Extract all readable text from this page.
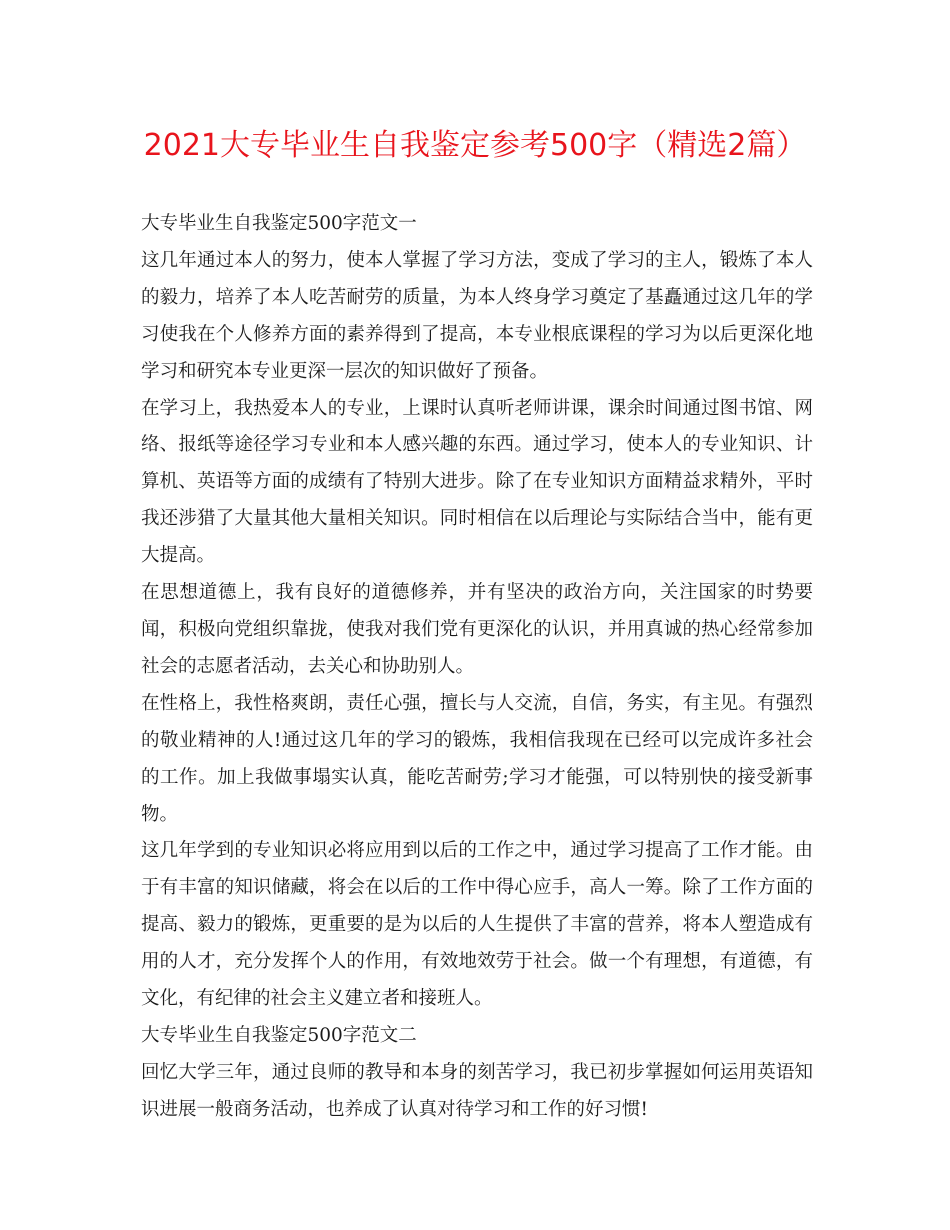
2021大专毕业生自我鉴定参考500字（精选2篇）

大专毕业生自我鉴定500字范文一

这几年通过本人的努力，使本人掌握了学习方法，变成了学习的主人，锻炼了本人的毅力，培养了本人吃苦耐劳的质量，为本人终身学习奠定了基矗通过这几年的学习使我在个人修养方面的素养得到了提高，本专业根底课程的学习为以后更深化地学习和研究本专业更深一层次的知识做好了预备。

在学习上，我热爱本人的专业，上课时认真听老师讲课，课余时间通过图书馆、网络、报纸等途径学习专业和本人感兴趣的东西。通过学习，使本人的专业知识、计算机、英语等方面的成绩有了特别大进步。除了在专业知识方面精益求精外，平时我还涉猎了大量其他大量相关知识。同时相信在以后理论与实际结合当中，能有更大提高。

在思想道德上，我有良好的道德修养，并有坚决的政治方向，关注国家的时势要闻，积极向党组织靠拢，使我对我们党有更深化的认识，并用真诚的热心经常参加社会的志愿者活动，去关心和协助别人。

在性格上，我性格爽朗，责任心强，擅长与人交流，自信，务实，有主见。有强烈的敬业精神的人!通过这几年的学习的锻炼，我相信我现在已经可以完成许多社会的工作。加上我做事塌实认真，能吃苦耐劳;学习才能强，可以特别快的接受新事物。

这几年学到的专业知识必将应用到以后的工作之中，通过学习提高了工作才能。由于有丰富的知识储藏，将会在以后的工作中得心应手，高人一筹。除了工作方面的提高、毅力的锻炼，更重要的是为以后的人生提供了丰富的营养，将本人塑造成有用的人才，充分发挥个人的作用，有效地效劳于社会。做一个有理想，有道德，有文化，有纪律的社会主义建立者和接班人。

大专毕业生自我鉴定500字范文二

回忆大学三年，通过良师的教导和本身的刻苦学习，我已初步掌握如何运用英语知识进展一般商务活动，也养成了认真对待学习和工作的好习惯!
